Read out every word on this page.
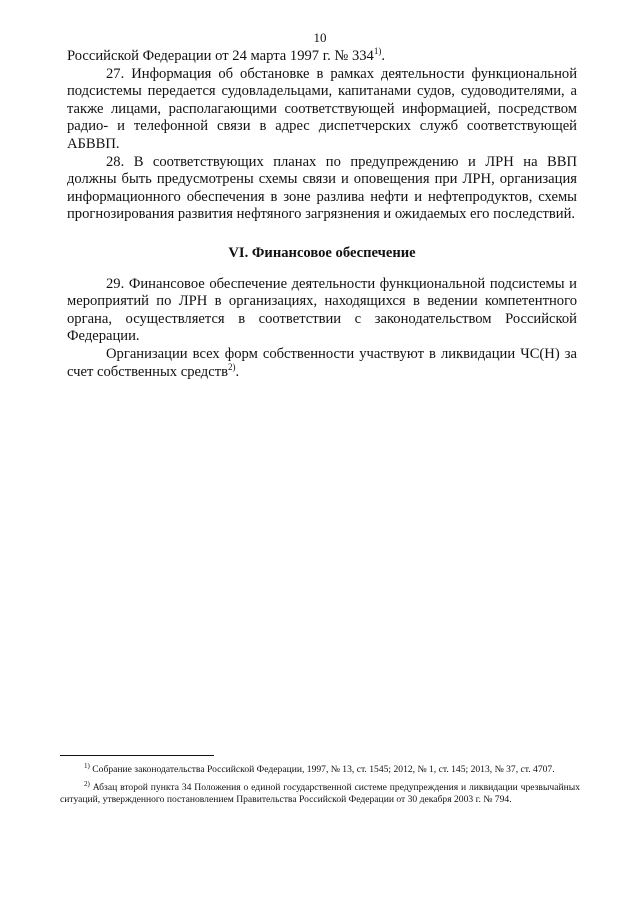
10

Российской Федерации от 24 марта 1997 г. № 334$^{1)}$.

27. Информация об обстановке в рамках деятельности функциональной подсистемы передается судовладельцами, капитанами судов, судоводителями, а также лицами, располагающими соответствующей информацией, посредством радио- и телефонной связи в адрес диспетчерских служб соответствующей АБВВП.

28. В соответствующих планах по предупреждению и ЛРН на ВВП должны быть предусмотрены схемы связи и оповещения при ЛРН, организация информационного обеспечения в зоне разлива нефти и нефтепродуктов, схемы прогнозирования развития нефтяного загрязнения и ожидаемых его последствий.

VI. Финансовое обеспечение

29. Финансовое обеспечение деятельности функциональной подсистемы и мероприятий по ЛРН в организациях, находящихся в ведении компетентного органа, осуществляется в соответствии с законодательством Российской Федерации.

Организации всех форм собственности участвуют в ликвидации ЧС(Н) за счет собственных средств$^{2)}$.

$^{1)}$ Собрание законодательства Российской Федерации, 1997, № 13, ст. 1545; 2012, № 1, ст. 145; 2013, № 37, ст. 4707.

$^{2)}$ Абзац второй пункта 34 Положения о единой государственной системе предупреждения и ликвидации чрезвычайных ситуаций, утвержденного постановлением Правительства Российской Федерации от 30 декабря 2003 г. № 794.
